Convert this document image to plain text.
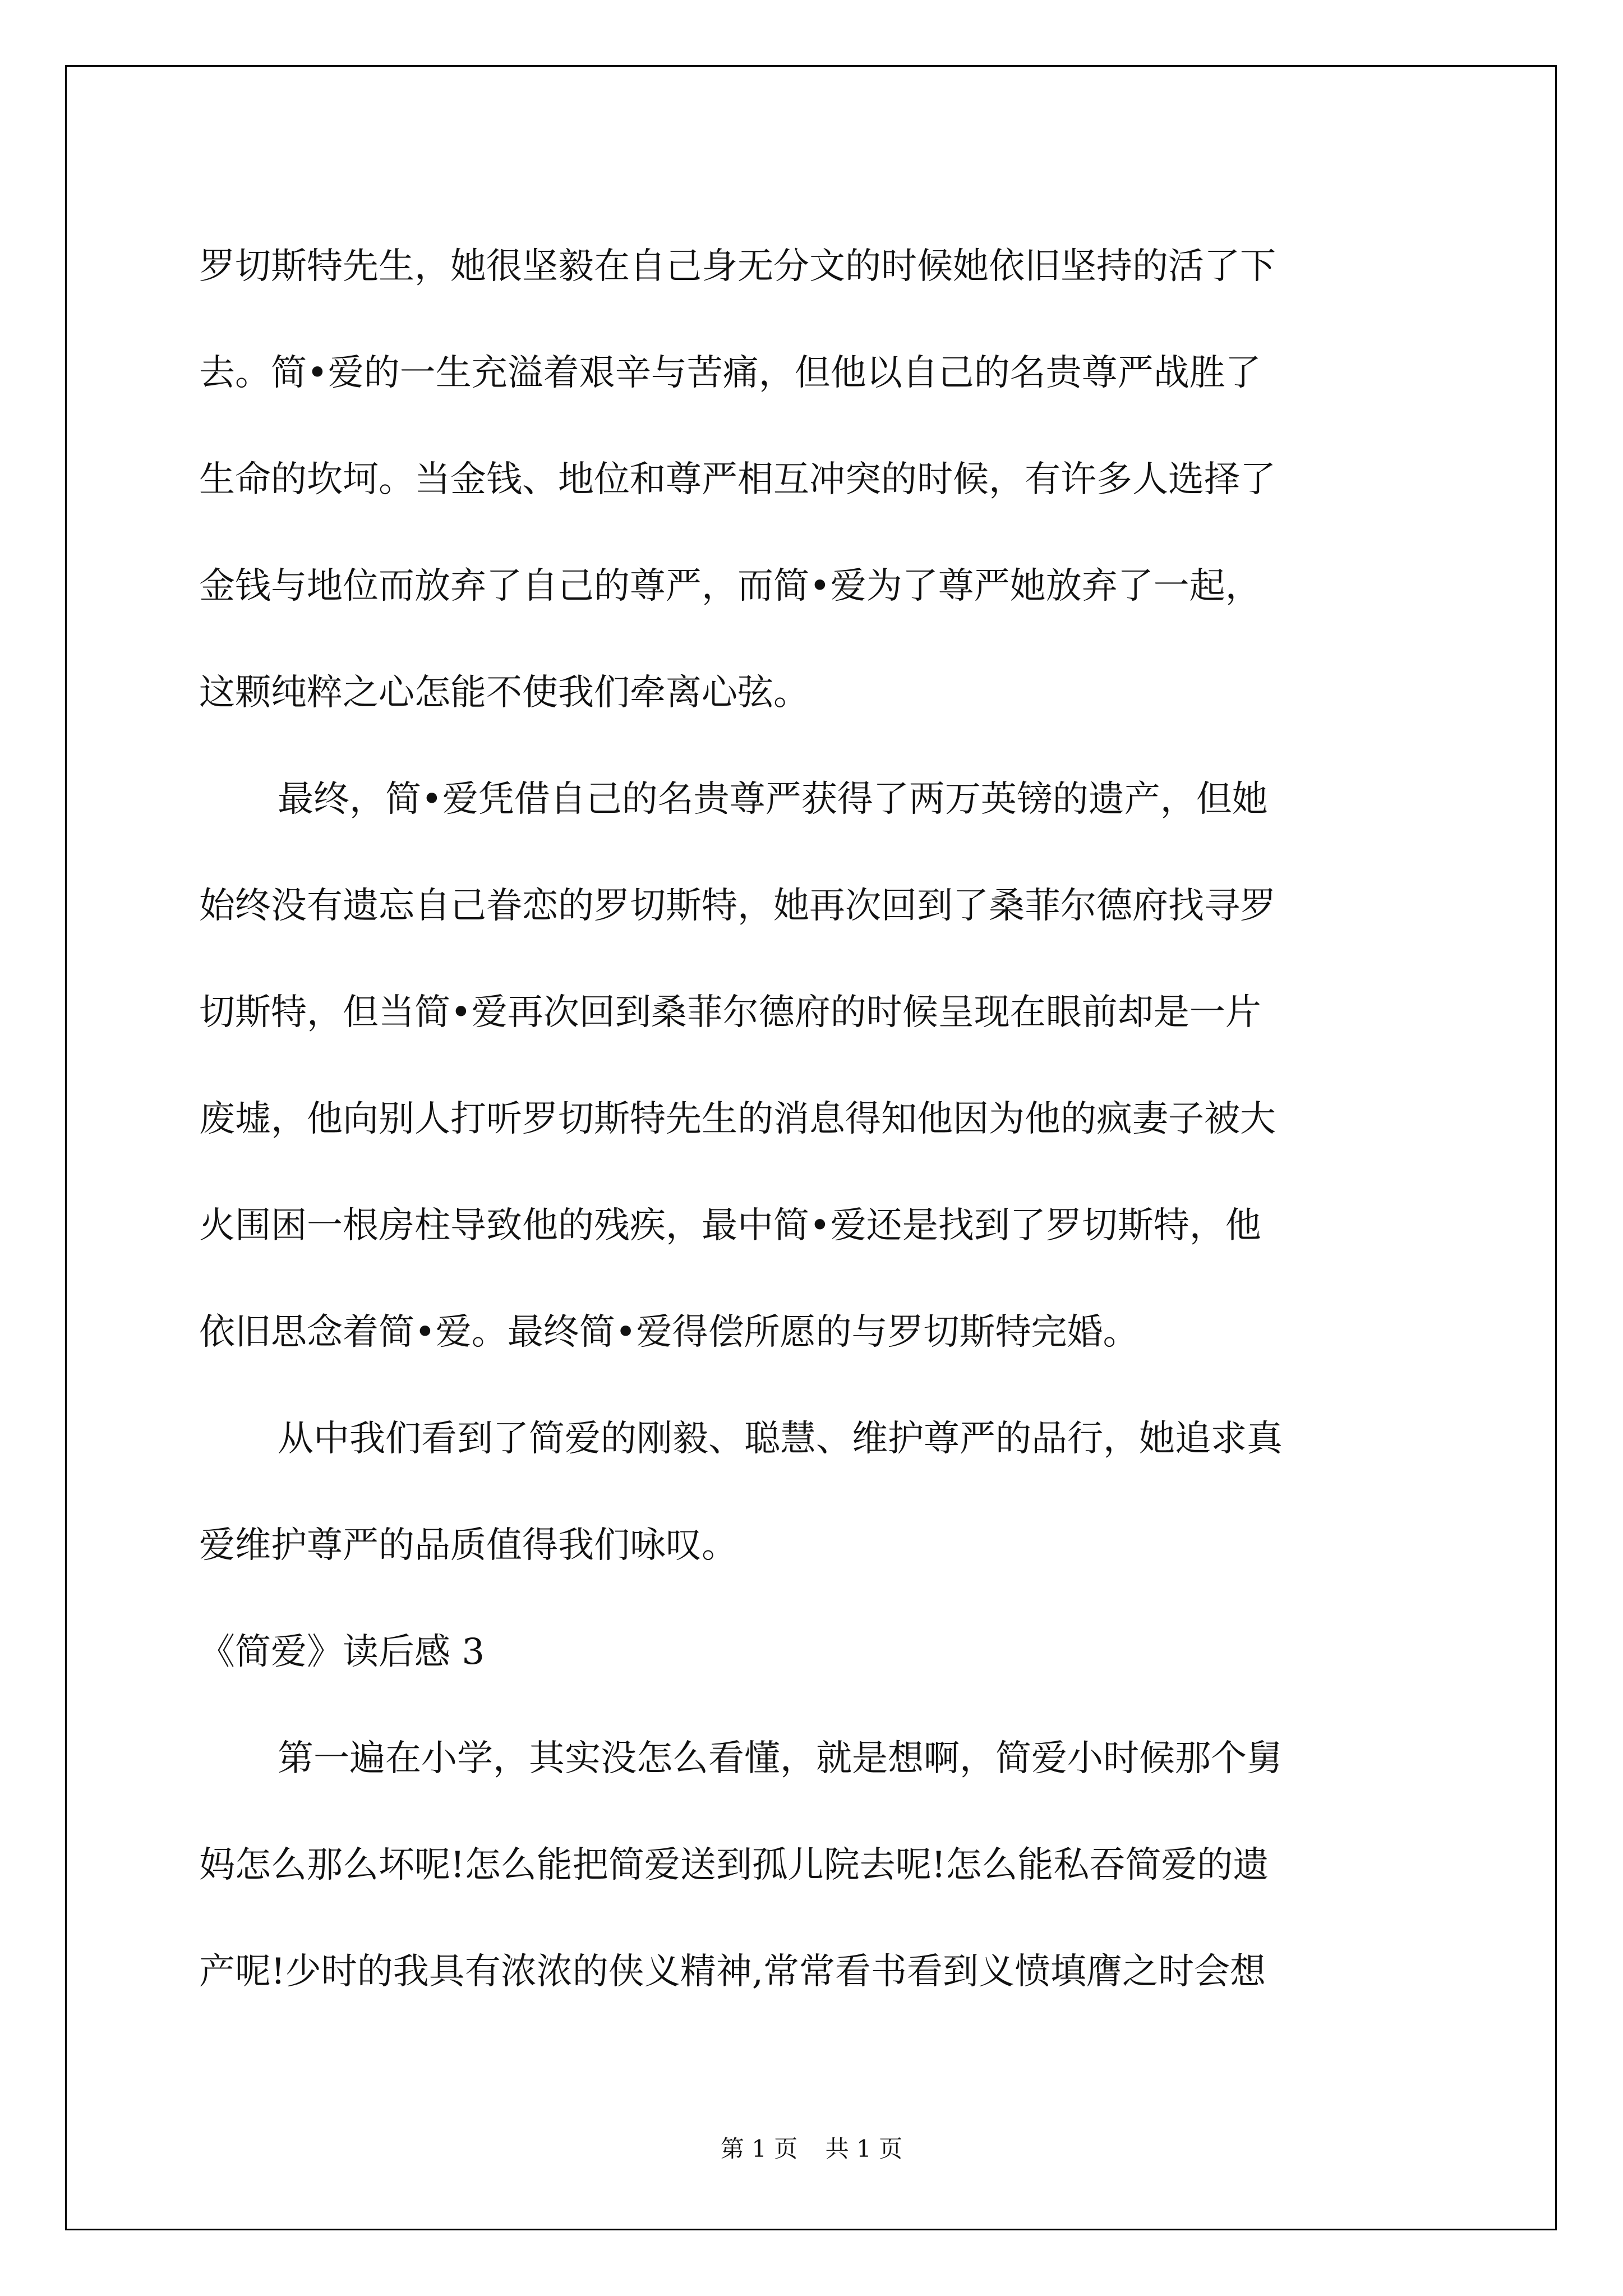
罗切斯特先生，她很坚毅在自己身无分文的时候她依旧坚持的活了下
去。简•爱的一生充溢着艰辛与苦痛，但他以自己的名贵尊严战胜了
生命的坎坷。当金钱、地位和尊严相互冲突的时候，有许多人选择了
金钱与地位而放弃了自己的尊严，而简•爱为了尊严她放弃了一起，
这颗纯粹之心怎能不使我们牵离心弦。
最终，简•爱凭借自己的名贵尊严获得了两万英镑的遗产，但她
始终没有遗忘自己眷恋的罗切斯特，她再次回到了桑菲尔德府找寻罗
切斯特，但当简•爱再次回到桑菲尔德府的时候呈现在眼前却是一片
废墟，他向别人打听罗切斯特先生的消息得知他因为他的疯妻子被大
火围困一根房柱导致他的残疾，最中简•爱还是找到了罗切斯特，他
依旧思念着简•爱。最终简•爱得偿所愿的与罗切斯特完婚。
从中我们看到了简爱的刚毅、聪慧、维护尊严的品行，她追求真
爱维护尊严的品质值得我们咏叹。
《简爱》读后感 3
第一遍在小学，其实没怎么看懂，就是想啊，简爱小时候那个舅
妈怎么那么坏呢!怎么能把简爱送到孤儿院去呢!怎么能私吞简爱的遗
产呢!少时的我具有浓浓的侠义精神,常常看书看到义愤填膺之时会想
第 1 页 共 1 页
